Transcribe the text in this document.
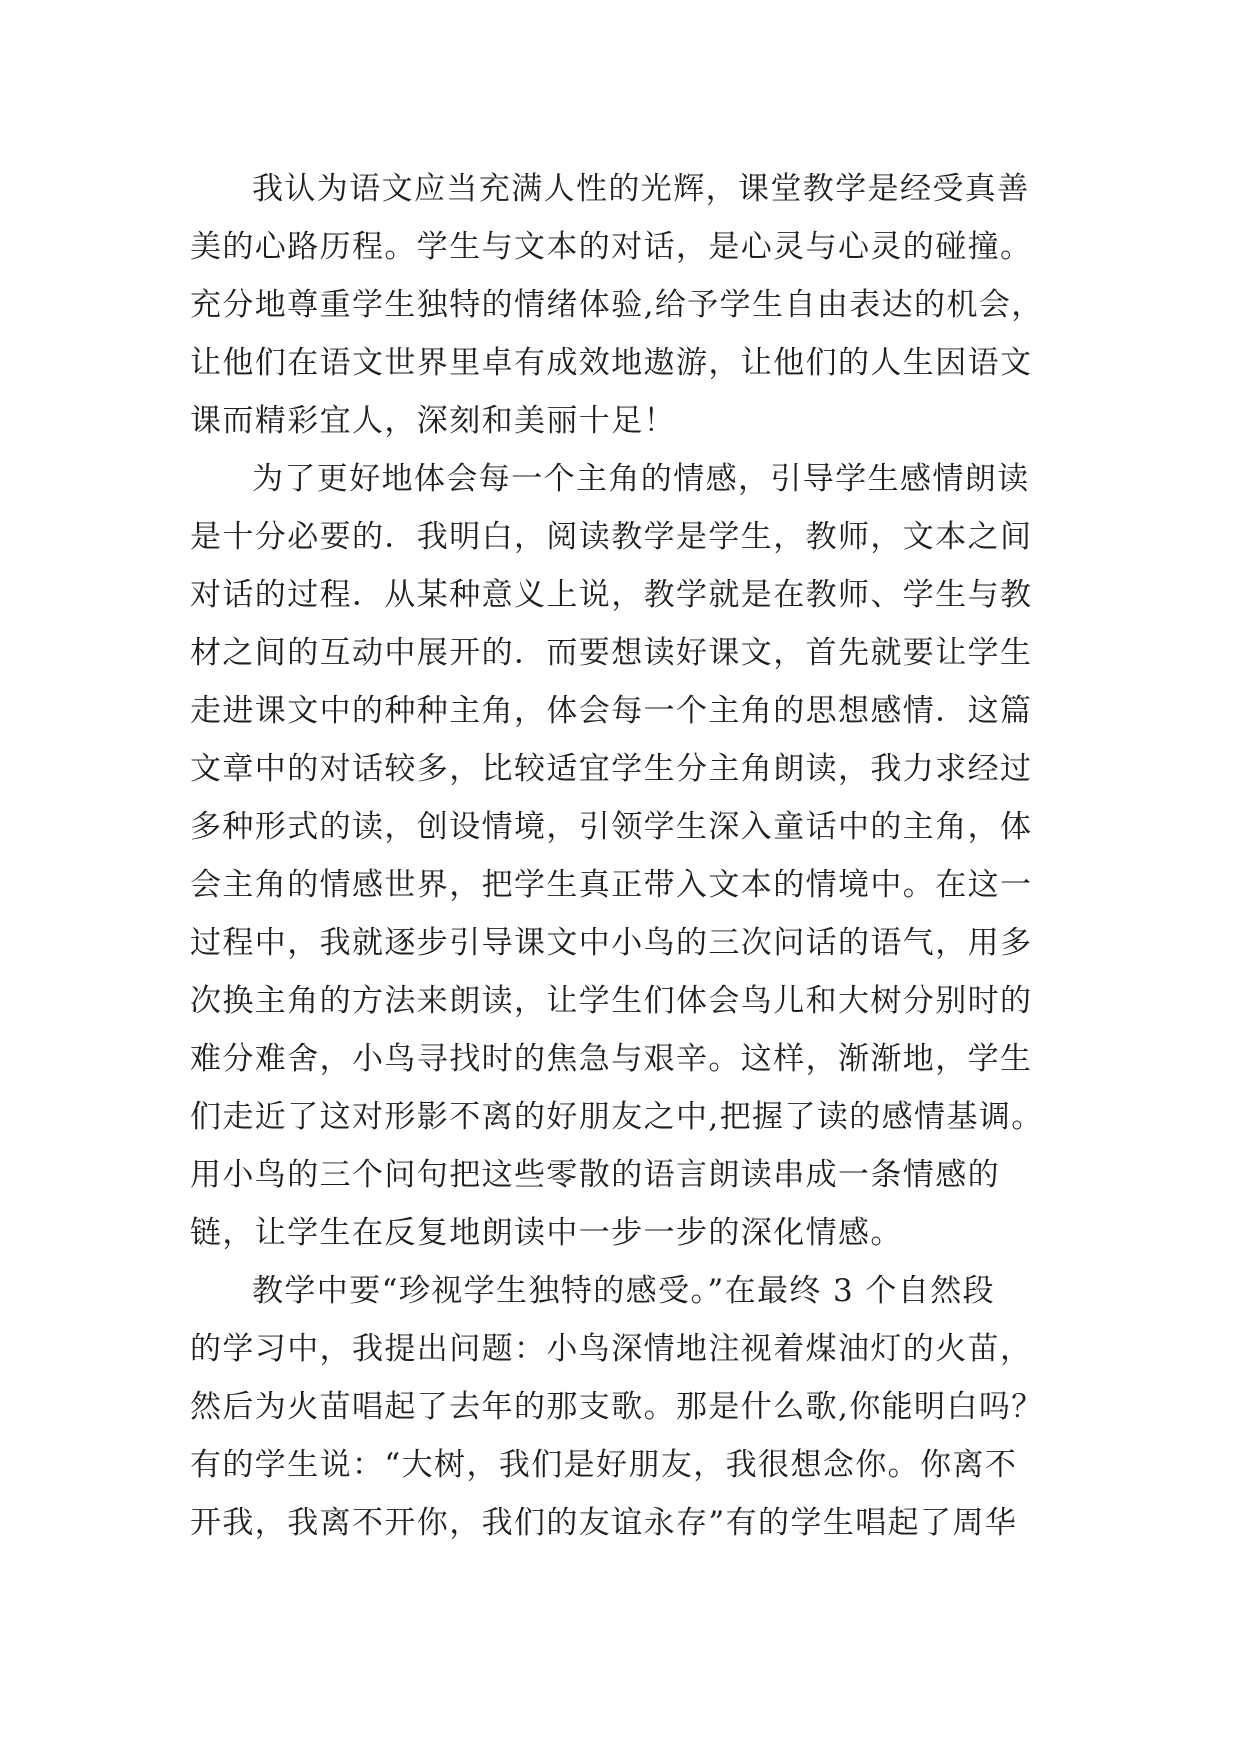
我认为语文应当充满人性的光辉，课堂教学是经受真善
美的心路历程。学生与文本的对话，是心灵与心灵的碰撞。
充分地尊重学生独特的情绪体验,给予学生自由表达的机会，
让他们在语文世界里卓有成效地遨游，让他们的人生因语文
课而精彩宜人，深刻和美丽十足！
为了更好地体会每一个主角的情感，引导学生感情朗读
是十分必要的．我明白，阅读教学是学生，教师，文本之间
对话的过程．从某种意义上说，教学就是在教师、学生与教
材之间的互动中展开的．而要想读好课文，首先就要让学生
走进课文中的种种主角，体会每一个主角的思想感情．这篇
文章中的对话较多，比较适宜学生分主角朗读，我力求经过
多种形式的读，创设情境，引领学生深入童话中的主角，体
会主角的情感世界，把学生真正带入文本的情境中。在这一
过程中，我就逐步引导课文中小鸟的三次问话的语气，用多
次换主角的方法来朗读，让学生们体会鸟儿和大树分别时的
难分难舍，小鸟寻找时的焦急与艰辛。这样，渐渐地，学生
们走近了这对形影不离的好朋友之中,把握了读的感情基调。
用小鸟的三个问句把这些零散的语言朗读串成一条情感的
链，让学生在反复地朗读中一步一步的深化情感。
教学中要“珍视学生独特的感受。”在最终 3 个自然段
的学习中，我提出问题：小鸟深情地注视着煤油灯的火苗，
然后为火苗唱起了去年的那支歌。那是什么歌,你能明白吗？
有的学生说：“大树，我们是好朋友，我很想念你。你离不
开我，我离不开你，我们的友谊永存”有的学生唱起了周华
